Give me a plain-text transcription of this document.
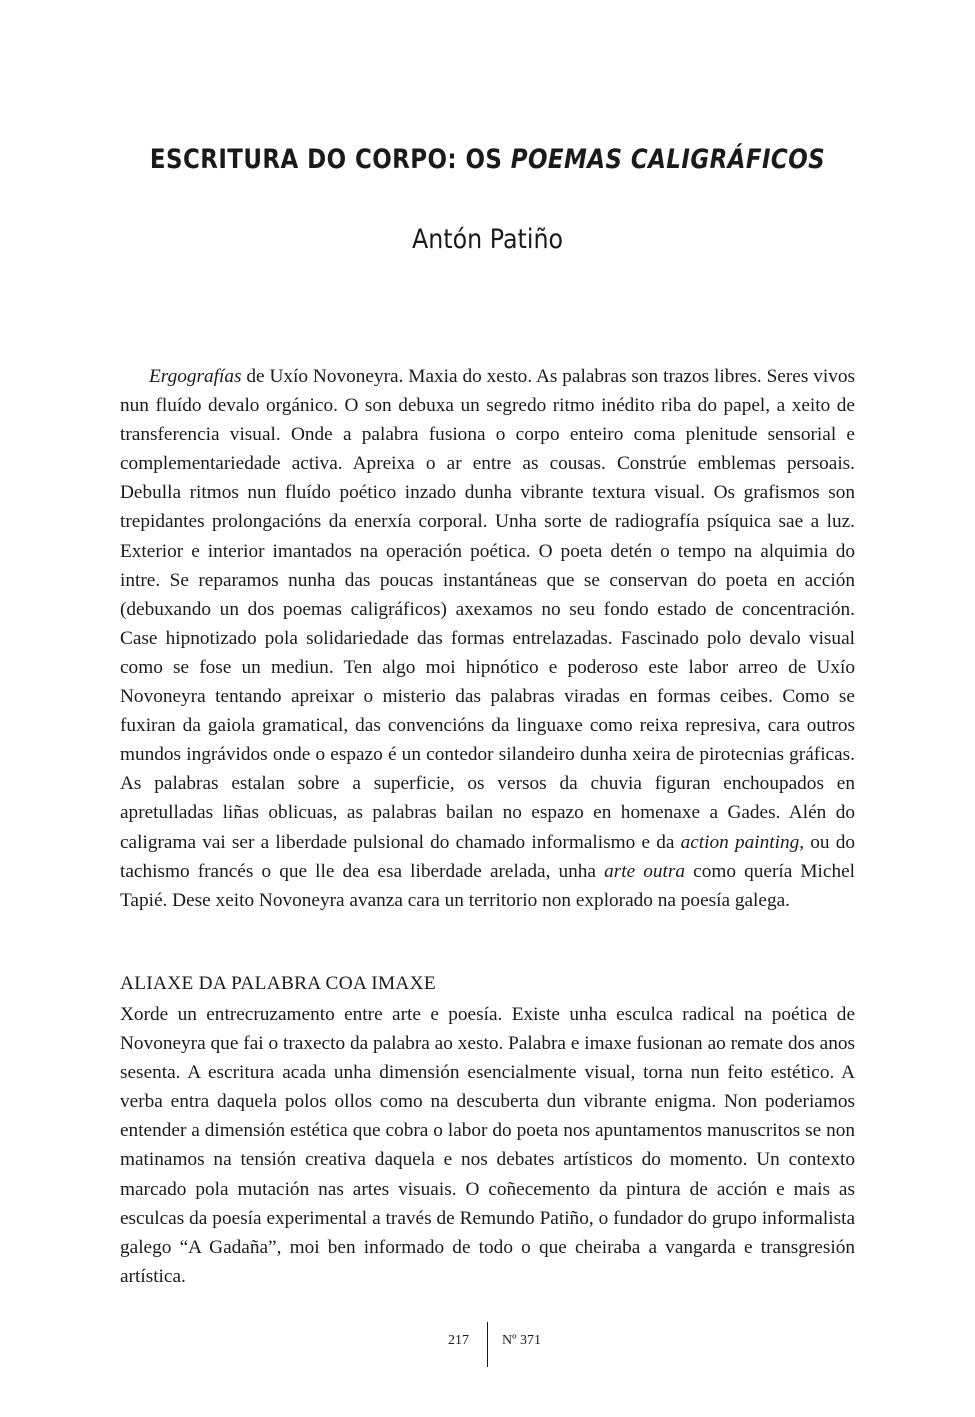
ESCRITURA DO CORPO: OS POEMAS CALIGRÁFICOS
Antón Patiño

Ergografías de Uxío Novoneyra. Maxia do xesto. As palabras son trazos libres. Seres vivos nun fluído devalo orgánico. O son debuxa un segredo ritmo inédito riba do papel, a xeito de transferencia visual. Onde a palabra fusiona o corpo enteiro coma plenitude sensorial e complementariedade activa. Apreixa o ar entre as cousas. Constrúe emblemas persoais. Debulla ritmos nun fluído poético inzado dunha vibrante textura visual. Os grafismos son trepidantes prolongacións da enerxía corporal. Unha sorte de radiografía psíquica sae a luz. Exterior e interior imantados na operación poética. O poeta detén o tempo na alquimia do intre. Se reparamos nunha das poucas instantáneas que se conservan do poeta en acción (debuxando un dos poemas caligráficos) axexamos no seu fondo estado de concentración. Case hipnotizado pola solidariedade das formas entrelazadas. Fascinado polo devalo visual como se fose un mediun. Ten algo moi hipnótico e poderoso este labor arreo de Uxío Novoneyra tentando apreixar o misterio das palabras viradas en formas ceibes. Como se fuxiran da gaiola gramatical, das convencións da linguaxe como reixa represiva, cara outros mundos ingrávidos onde o espazo é un contedor silandeiro dunha xeira de pirotecnias gráficas. As palabras estalan sobre a superficie, os versos da chuvia figuran enchoupados en apretulladas liñas oblicuas, as palabras bailan no espazo en homenaxe a Gades. Alén do caligrama vai ser a liberdade pulsional do chamado informalismo e da action painting, ou do tachismo francés o que lle dea esa liberdade arelada, unha arte outra como quería Michel Tapié. Dese xeito Novoneyra avanza cara un territorio non explorado na poesía galega.

ALIAXE DA PALABRA COA IMAXE

Xorde un entrecruzamento entre arte e poesía. Existe unha esculca radical na poética de Novoneyra que fai o traxecto da palabra ao xesto. Palabra e imaxe fusionan ao remate dos anos sesenta. A escritura acada unha dimensión esencialmente visual, torna nun feito estético. A verba entra daquela polos ollos como na descuberta dun vibrante enigma. Non poderiamos entender a dimensión estética que cobra o labor do poeta nos apuntamentos manuscritos se non matinamos na tensión creativa daquela e nos debates artísticos do momento. Un contexto marcado pola mutación nas artes visuais. O coñecemento da pintura de acción e mais as esculcas da poesía experimental a través de Remundo Patiño, o fundador do grupo informalista galego “A Gadaña”, moi ben informado de todo o que cheiraba a vangarda e transgresión artística.

217 Nº 371
